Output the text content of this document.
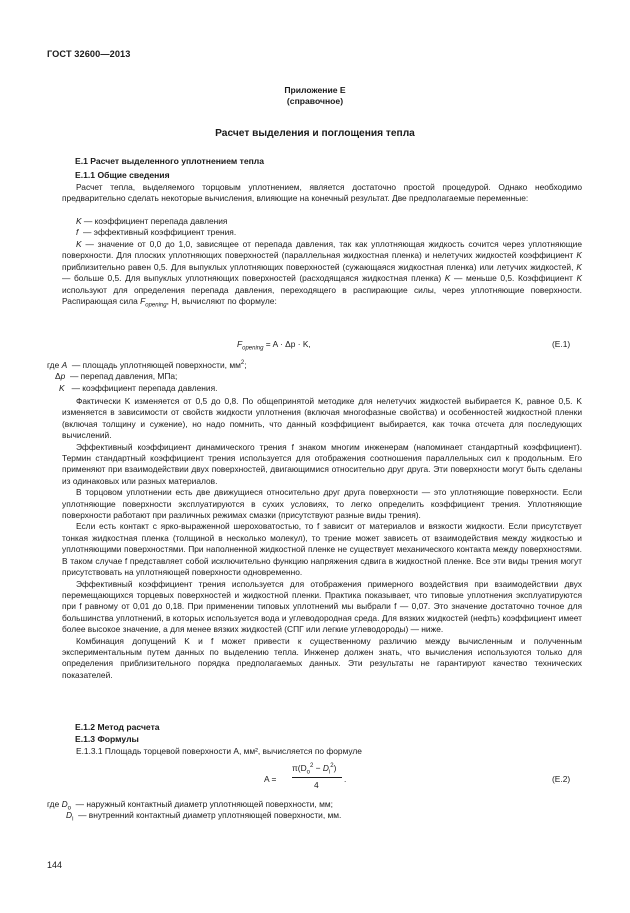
ГОСТ 32600—2013
Приложение Е
(справочное)
Расчет выделения и поглощения тепла
Е.1 Расчет выделенного уплотнением тепла
Е.1.1 Общие сведения

Расчет тепла, выделяемого торцовым уплотнением, является достаточно простой процедурой. Однако необходимо предварительно сделать некоторые вычисления, влияющие на конечный результат. Две предполагаемые переменные:

K — коэффициент перепада давления

f — эффективный коэффициент трения.

K — значение от 0,0 до 1,0, зависящее от перепада давления, так как уплотняющая жидкость сочится через уплотняющие поверхности. Для плоских уплотняющих поверхностей (параллельная жидкостная пленка) и нелетучих жидкостей коэффициент K приблизительно равен 0,5. Для выпуклых уплотняющих поверхностей (сужающаяся жидкостная пленка) или летучих жидкостей, K — больше 0,5. Для выпуклых уплотняющих поверхностей (расходящаяся жидкостная пленка) K — меньше 0,5. Коэффициент K используют для определения перепада давления, переходящего в распирающие силы, через уплотняющие поверхности. Распирающая сила $F_{opening}$, Н, вычисляют по формуле:

$F_{opening} = A \cdot \Delta p \cdot K$,	(Е.1)

где A — площадь уплотняющей поверхности, $мм^2$;

Δp — перепад давления, МПа;

K — коэффициент перепада давления.

Фактически K изменяется от 0,5 до 0,8. По общепринятой методике для нелетучих жидкостей выбирается K, равное 0,5. K изменяется в зависимости от свойств жидкости уплотнения (включая многофазные свойства) и особенностей жидкостной пленки (включая толщину и сужение), но надо помнить, что данный коэффициент выбирается, как точка отсчета для последующих вычислений.

Эффективный коэффициент динамического трения f знаком многим инженерам (напоминает стандартный коэффициент). Термин стандартный коэффициент трения используется для отображения соотношения параллельных сил к продольным. Его применяют при взаимодействии двух поверхностей, двигающимися относительно друг друга. Эти поверхности могут быть сделаны из одинаковых или разных материалов.

В торцовом уплотнении есть две движущиеся относительно друг друга поверхности — это уплотняющие поверхности. Если уплотняющие поверхности эксплуатируются в сухих условиях, то легко определить коэффициент трения. Уплотняющие поверхности работают при различных режимах смазки (присутствуют разные виды трения).

Если есть контакт с ярко-выраженной шероховатостью, то f зависит от материалов и вязкости жидкости. Если присутствует тонкая жидкостная пленка (толщиной в несколько молекул), то трение может зависеть от взаимодействия между жидкостью и уплотняющими поверхностями. При наполненной жидкостной пленке не существует механического контакта между поверхностями. В таком случае f представляет собой исключительно функцию напряжения сдвига в жидкостной пленке. Все эти виды трения могут присутствовать на уплотняющей поверхности одновременно.

Эффективный коэффициент трения используется для отображения примерного воздействия при взаимодействии двух перемещающихся торцевых поверхностей и жидкостной пленки. Практика показывает, что типовые уплотнения эксплуатируются при f равному от 0,01 до 0,18. При применении типовых уплотнений мы выбрали f — 0,07. Это значение достаточно точное для большинства уплотнений, в которых используется вода и углеводородная среда. Для вязких жидкостей (нефть) коэффициент имеет более высокое значение, а для менее вязких жидкостей (СПГ или легкие углеводороды) — ниже.

Комбинация допущений K и f может привести к существенному различию между вычисленным и полученным экспериментальным путем данных по выделению тепла. Инженер должен знать, что вычисления используются только для определения приблизительного порядка предполагаемых данных. Эти результаты не гарантируют качество технических показателей.

Е.1.2 Метод расчета
Е.1.3 Формулы

Е.1.3.1 Площадь торцевой поверхности A, мм², вычисляется по формуле

A =
$\pi(D_o^2 - D_i^2)$
4
.	(Е.2)

где $D_o$ — наружный контактный диаметр уплотняющей поверхности, мм;

$D_i$ — внутренний контактный диаметр уплотняющей поверхности, мм.

144
